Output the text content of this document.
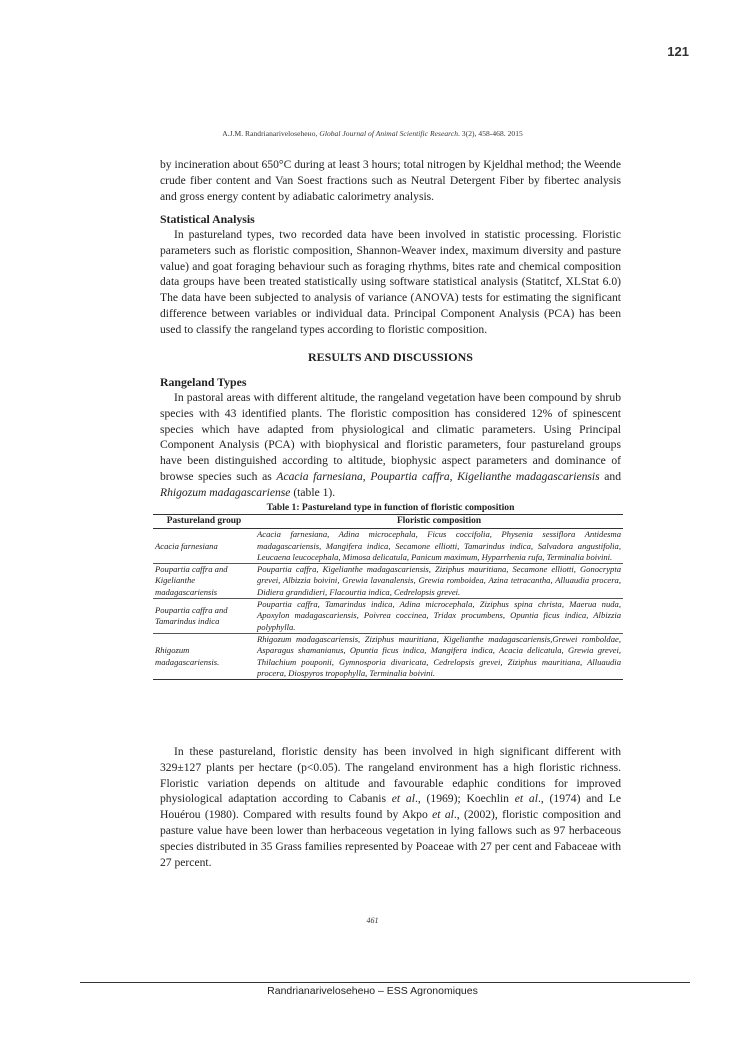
121
A.J.M. Randrianarivelosehено, Global Journal of Animal Scientific Research. 3(2), 458-468. 2015

by incineration about 650°C during at least 3 hours; total nitrogen by Kjeldhal method; the Weende crude fiber content and Van Soest fractions such as Neutral Detergent Fiber by fibertec analysis and gross energy content by adiabatic calorimetry analysis.

Statistical Analysis

In pastureland types, two recorded data have been involved in statistic processing. Floristic parameters such as floristic composition, Shannon-Weaver index, maximum diversity and pasture value) and goat foraging behaviour such as foraging rhythms, bites rate and chemical composition data groups have been treated statistically using software statistical analysis (Statitcf, XLStat 6.0) The data have been subjected to analysis of variance (ANOVA) tests for estimating the significant difference between variables or individual data. Principal Component Analysis (PCA) has been used to classify the rangeland types according to floristic composition.

RESULTS AND DISCUSSIONS

Rangeland Types

In pastoral areas with different altitude, the rangeland vegetation have been compound by shrub species with 43 identified plants. The floristic composition has considered 12% of spinescent species which have adapted from physiological and climatic parameters. Using Principal Component Analysis (PCA) with biophysical and floristic parameters, four pastureland groups have been distinguished according to altitude, biophysic aspect parameters and dominance of browse species such as Acacia farnesiana, Poupartia caffra, Kigelianthe madagascariensis and Rhigozum madagascariense (table 1).

Table 1: Pastureland type in function of floristic composition
Pastureland group	Floristic composition
Acacia farnesiana	Acacia farnesiana, Adina microcephala, Ficus coccifolia, Physenia sessiflora Antidesma madagascariensis, Mangifera indica, Secamone elliotti, Tamarindus indica, Salvadora angustifolia, Leucaena leucocephala, Mimosa delicatula, Panicum maximum, Hyparrhenia rufa, Terminalia boivini.
Poupartia caffra and Kigelianthe madagascariensis	Poupartia caffra, Kigelianthe madagascariensis, Ziziphus mauritiana, Secamone elliotti, Gonocrypta grevei, Albizzia boivini, Grewia lavanalensis, Grewia romboidea, Azina tetracantha, Alluaudia procera, Didiera grandidieri, Flacourtia indica, Cedrelopsis grevei.
Poupartia caffra and Tamarindus indica	Poupartia caffra, Tamarindus indica, Adina microcephala, Ziziphus spina christa, Maerua nuda, Apoxylon madagascariensis, Poivrea coccinea, Tridax procumbens, Opuntia ficus indica, Albizzia polyphylla.
Rhigozum madagascariensis.	Rhigozum madagascariensis, Ziziphus mauritiana, Kigelianthe madagascariensis,Grewei romboldae, Asparagus shamanianus, Opuntia ficus indica, Mangifera indica, Acacia delicatula, Grewia grevei, Thilachium pouponii, Gymnosporia divaricata, Cedrelopsis grevei, Ziziphus mauritiana, Alluaudia procera, Diospyros tropophylla, Terminalia boivini.

In these pastureland, floristic density has been involved in high significant different with 329±127 plants per hectare (p<0.05). The rangeland environment has a high floristic richness. Floristic variation depends on altitude and favourable edaphic conditions for improved physiological adaptation according to Cabanis et al., (1969); Koechlin et al., (1974) and Le Houérou (1980). Compared with results found by Akpo et al., (2002), floristic composition and pasture value have been lower than herbaceous vegetation in lying fallows such as 97 herbaceous species distributed in 35 Grass families represented by Poaceae with 27 per cent and Fabaceae with 27 percent.

461
Randrianarivelosehено – ESS Agronomiques
